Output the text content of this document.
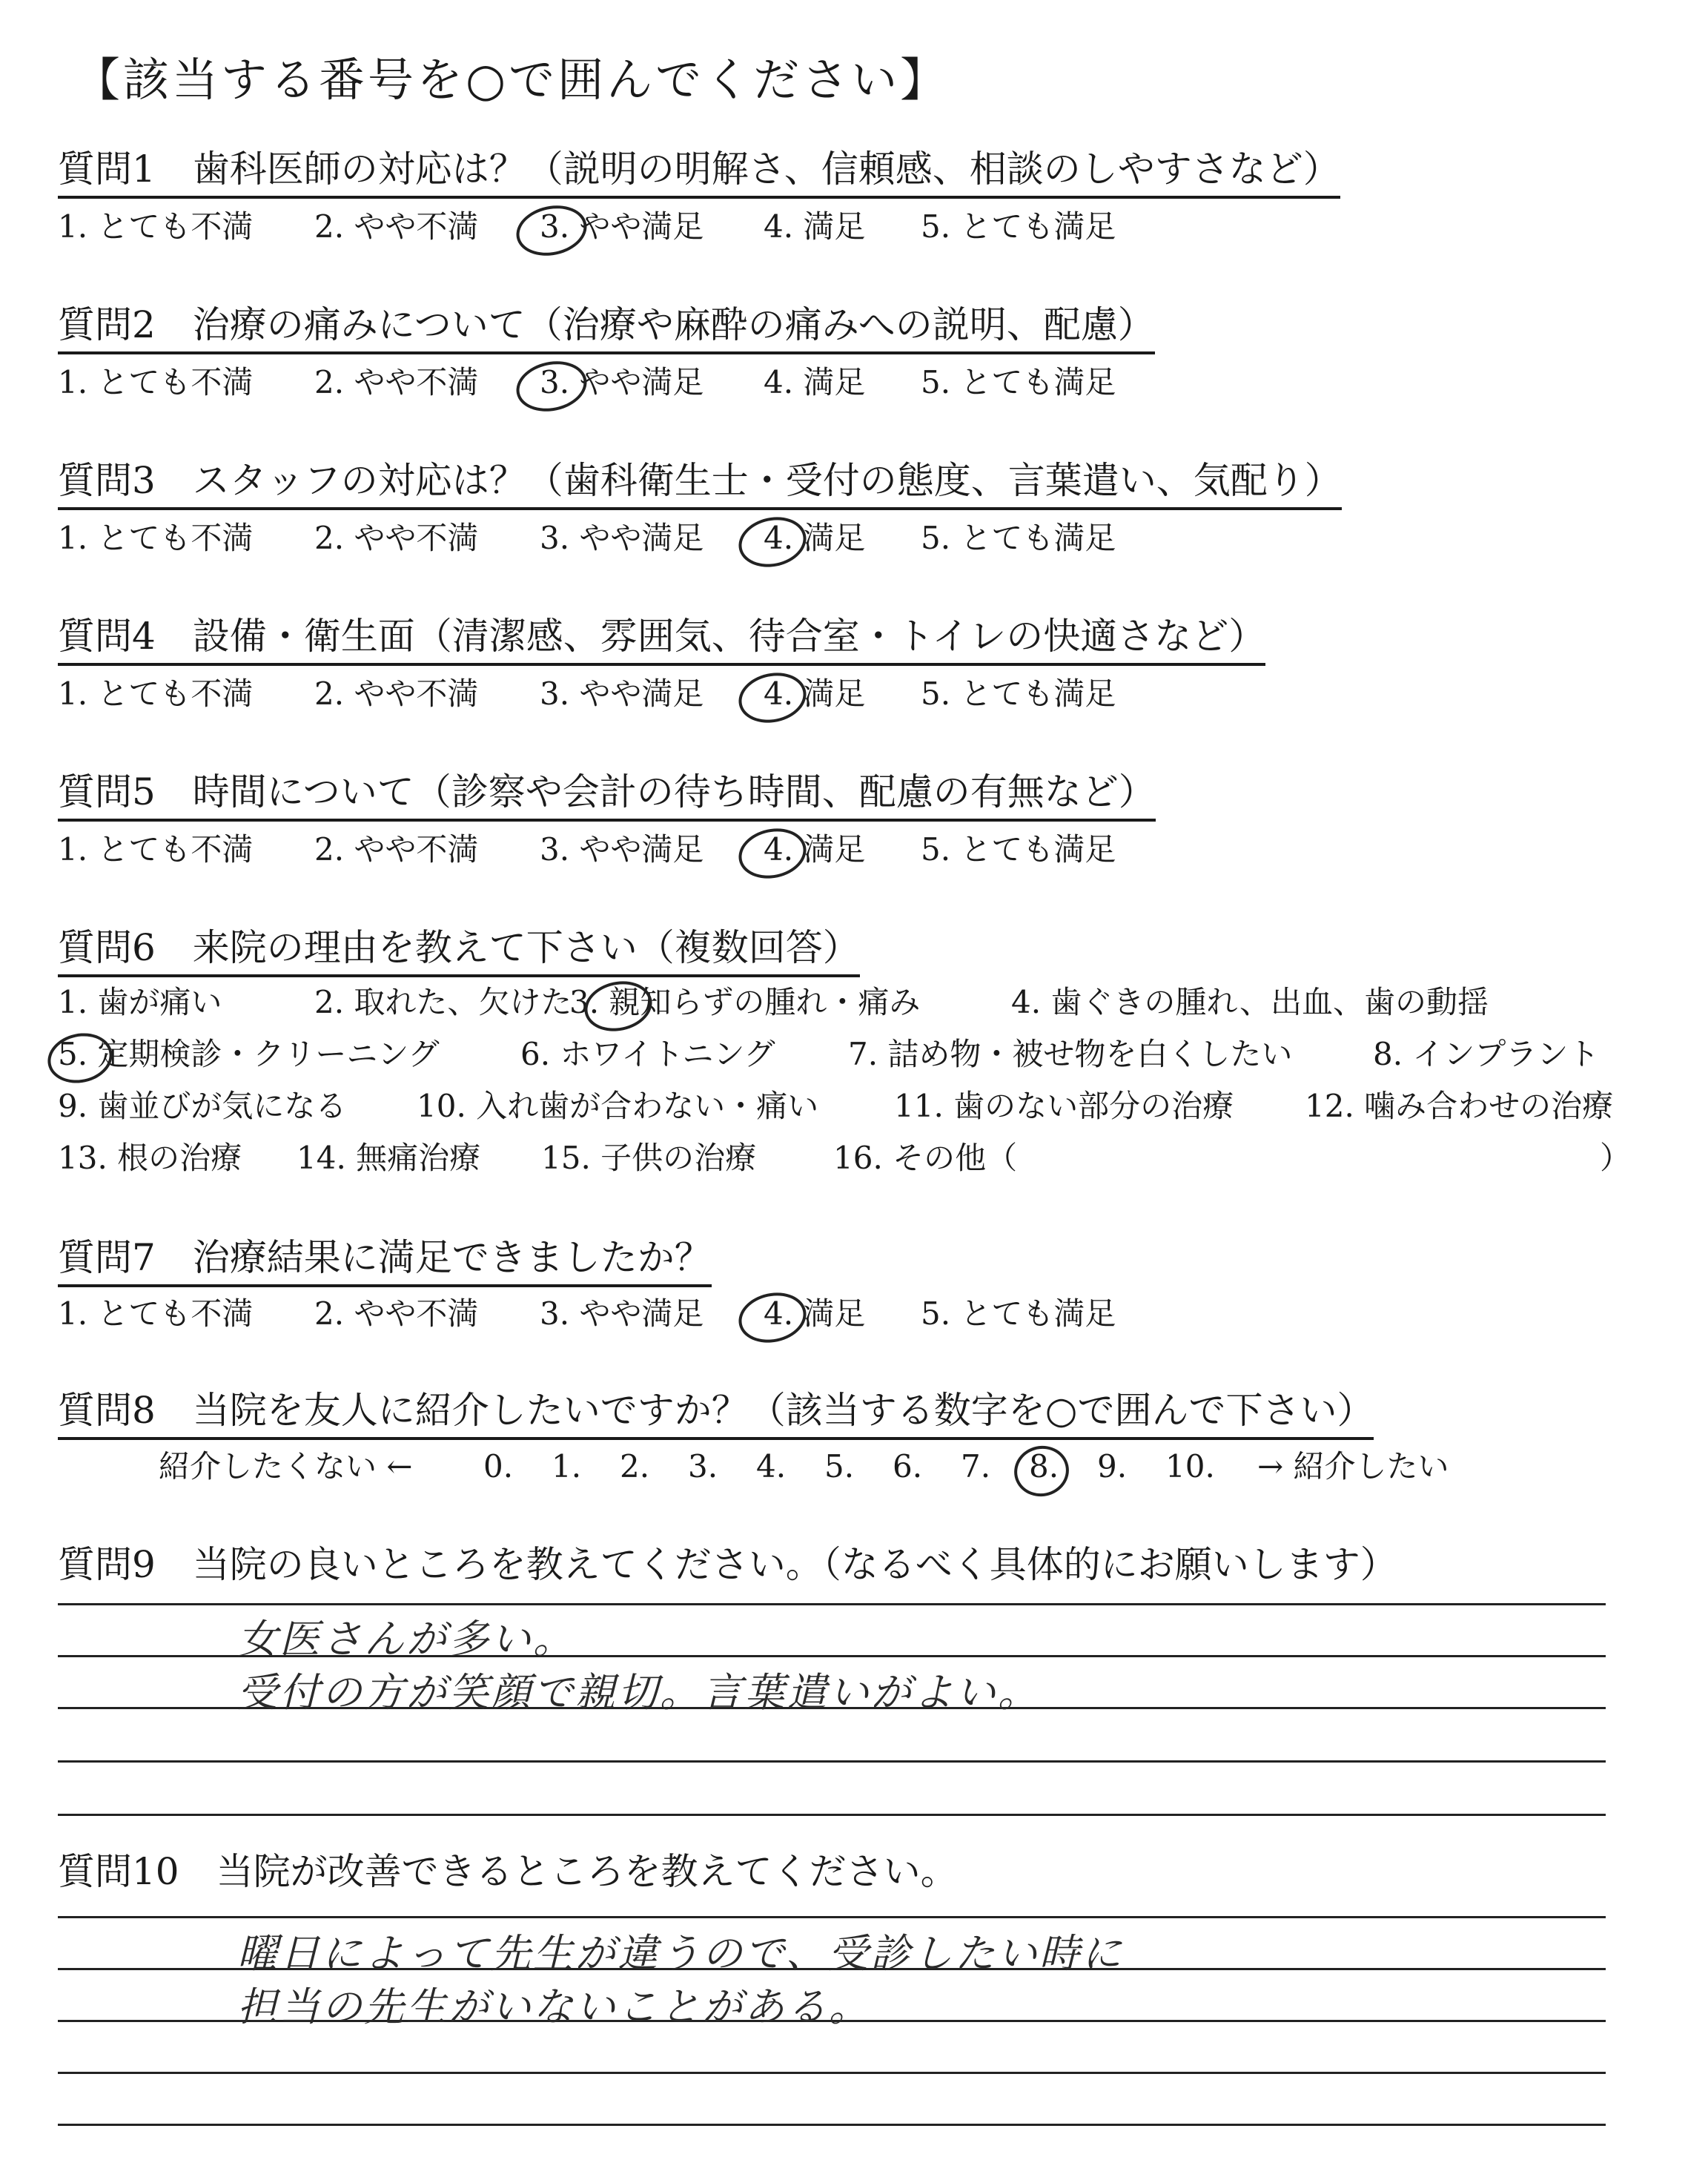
【該当する番号を○で囲んでください】
質問1　歯科医師の対応は？（説明の明解さ、信頼感、相談のしやすさなど）
1. とても不満 2. やや不満 3. やや満足 4. 満足 5. とても満足
質問2　治療の痛みについて（治療や麻酔の痛みへの説明、配慮）
1. とても不満 2. やや不満 3. やや満足 4. 満足 5. とても満足
質問3　スタッフの対応は？（歯科衛生士・受付の態度、言葉遣い、気配り）
1. とても不満 2. やや不満 3. やや満足 4. 満足 5. とても満足
質問4　設備・衛生面（清潔感、雰囲気、待合室・トイレの快適さなど）
1. とても不満 2. やや不満 3. やや満足 4. 満足 5. とても満足
質問5　時間について（診察や会計の待ち時間、配慮の有無など）
1. とても不満 2. やや不満 3. やや満足 4. 満足 5. とても満足
質問6　来院の理由を教えて下さい（複数回答）
1. 歯が痛い	2. 取れた、欠けた
3. 親知らずの腫れ・痛み	4. 歯ぐきの腫れ、出血、歯の動揺
5. 定期検診・クリーニング	6. ホワイトニング 7. 詰め物・被せ物を白くしたい	8. インプラント
9. 歯並びが気になる 10. 入れ歯が合わない・痛い 11. 歯のない部分の治療 12. 噛み合わせの治療
13. 根の治療 14. 無痛治療 15. 子供の治療 16. その他（	）
質問7　治療結果に満足できましたか？
1. とても不満 2. やや不満 3. やや満足 4. 満足 5. とても満足
質問8　当院を友人に紹介したいですか？（該当する数字を○で囲んで下さい）
紹介したくない ← 0. 1. 2. 3. 4. 5. 6. 7. 8. 9. 10. → 紹介したい
質問9　当院の良いところを教えてください。（なるべく具体的にお願いします）
女医さんが多い。
受付の方が笑顔で親切。言葉遣いがよい。
質問10　当院が改善できるところを教えてください。
曜日によって先生が違うので、受診したい時に
担当の先生がいないことがある。
